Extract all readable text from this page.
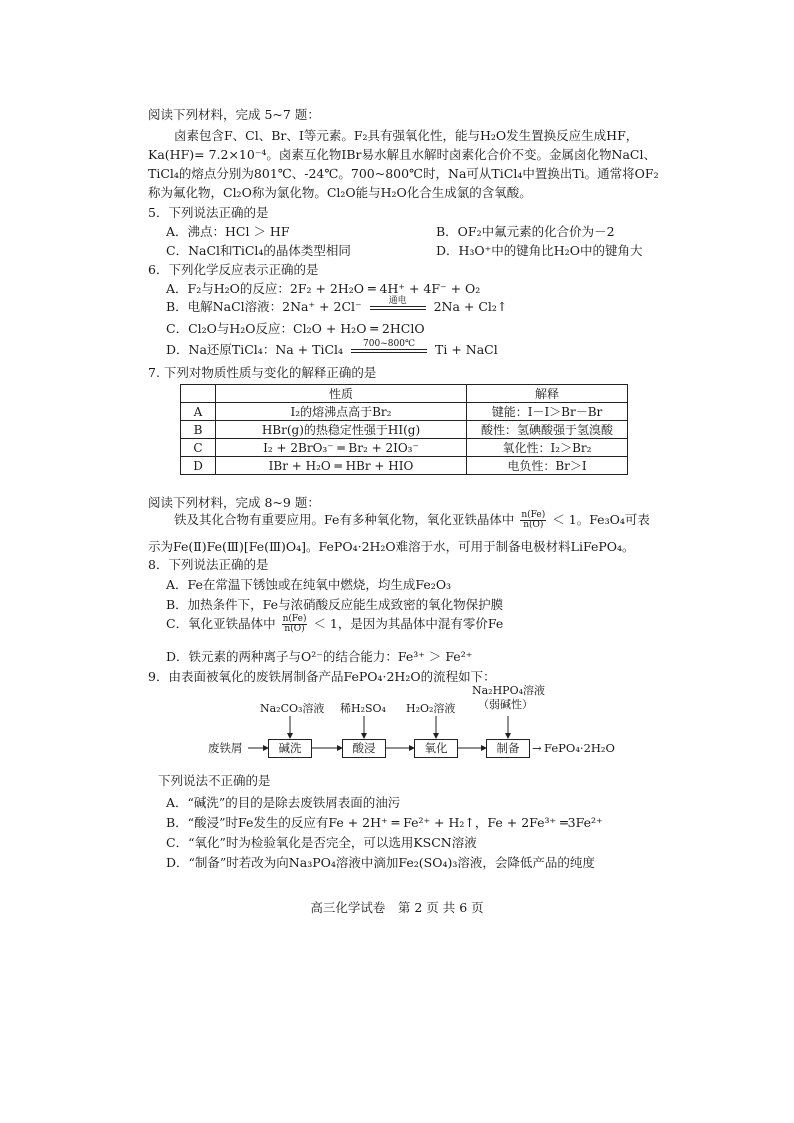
阅读下列材料，完成 5~7 题：
卤素包含F、Cl、Br、I等元素。F₂具有强氧化性，能与H₂O发生置换反应生成HF，Ka(HF)= 7.2×10⁻⁴。卤素互化物IBr易水解且水解时卤素化合价不变。金属卤化物NaCl、TiCl₄的熔点分别为801℃、-24℃。700~800℃时，Na可从TiCl₄中置换出Ti。通常将OF₂称为氟化物，Cl₂O称为氯化物。Cl₂O能与H₂O化合生成氯的含氧酸。
5．下列说法正确的是
A．沸点：HCl ＞ HF	B．OF₂中氟元素的化合价为－2
C．NaCl和TiCl₄的晶体类型相同	D．H₃O⁺中的键角比H₂O中的键角大
6．下列化学反应表示正确的是
A．F₂与H₂O的反应：2F₂ + 2H₂O ═ 4H⁺ + 4F⁻ + O₂
B．电解NaCl溶液：2Na⁺ + 2Cl⁻	通电	2Na + Cl₂↑
C．Cl₂O与H₂O反应：Cl₂O + H₂O ═ 2HClO
D．Na还原TiCl₄：Na + TiCl₄	700~800℃	Ti + NaCl
7. 下列对物质性质与变化的解释正确的是
	性质	解释
A	I₂的熔沸点高于Br₂	键能：I－I＞Br－Br
B	HBr(g)的热稳定性强于HI(g)	酸性：氢碘酸强于氢溴酸
C	I₂ + 2BrO₃⁻ ═ Br₂ + 2IO₃⁻	氧化性：I₂＞Br₂
D	IBr + H₂O ═ HBr + HIO	电负性：Br＞I
阅读下列材料，完成 8~9 题：
铁及其化合物有重要应用。Fe有多种氧化物，氧化亚铁晶体中 $\frac{n(Fe)}{n(O)} < 1$。Fe₃O₄可表
示为Fe(Ⅱ)Fe(Ⅲ)[Fe(Ⅲ)O₄]。FePO₄·2H₂O难溶于水，可用于制备电极材料LiFePO₄。
8．下列说法正确的是
A．Fe在常温下锈蚀或在纯氧中燃烧，均生成Fe₂O₃
B．加热条件下，Fe与浓硝酸反应能生成致密的氧化物保护膜
C．氧化亚铁晶体中 $\frac{n(Fe)}{n(O)} < 1$，是因为其晶体中混有零价Fe
D．铁元素的两种离子与O²⁻的结合能力：Fe³⁺ ＞ Fe²⁺
9．由表面被氧化的废铁屑制备产品FePO₄·2H₂O的流程如下：
Na₂CO₃溶液 稀H₂SO₄ H₂O₂溶液
Na₂HPO₄溶液
（弱碱性）
废铁屑	碱洗	酸浸	氧化	制备	→ FePO₄·2H₂O
下列说法不正确的是
A．“碱洗”的目的是除去废铁屑表面的油污
B．“酸浸”时Fe发生的反应有Fe + 2H⁺ ═ Fe²⁺ + H₂↑，Fe + 2Fe³⁺ ═3Fe²⁺
C．“氧化”时为检验氧化是否完全，可以选用KSCN溶液
D．“制备”时若改为向Na₃PO₄溶液中滴加Fe₂(SO₄)₃溶液，会降低产品的纯度
高三化学试卷　第 2 页 共 6 页
